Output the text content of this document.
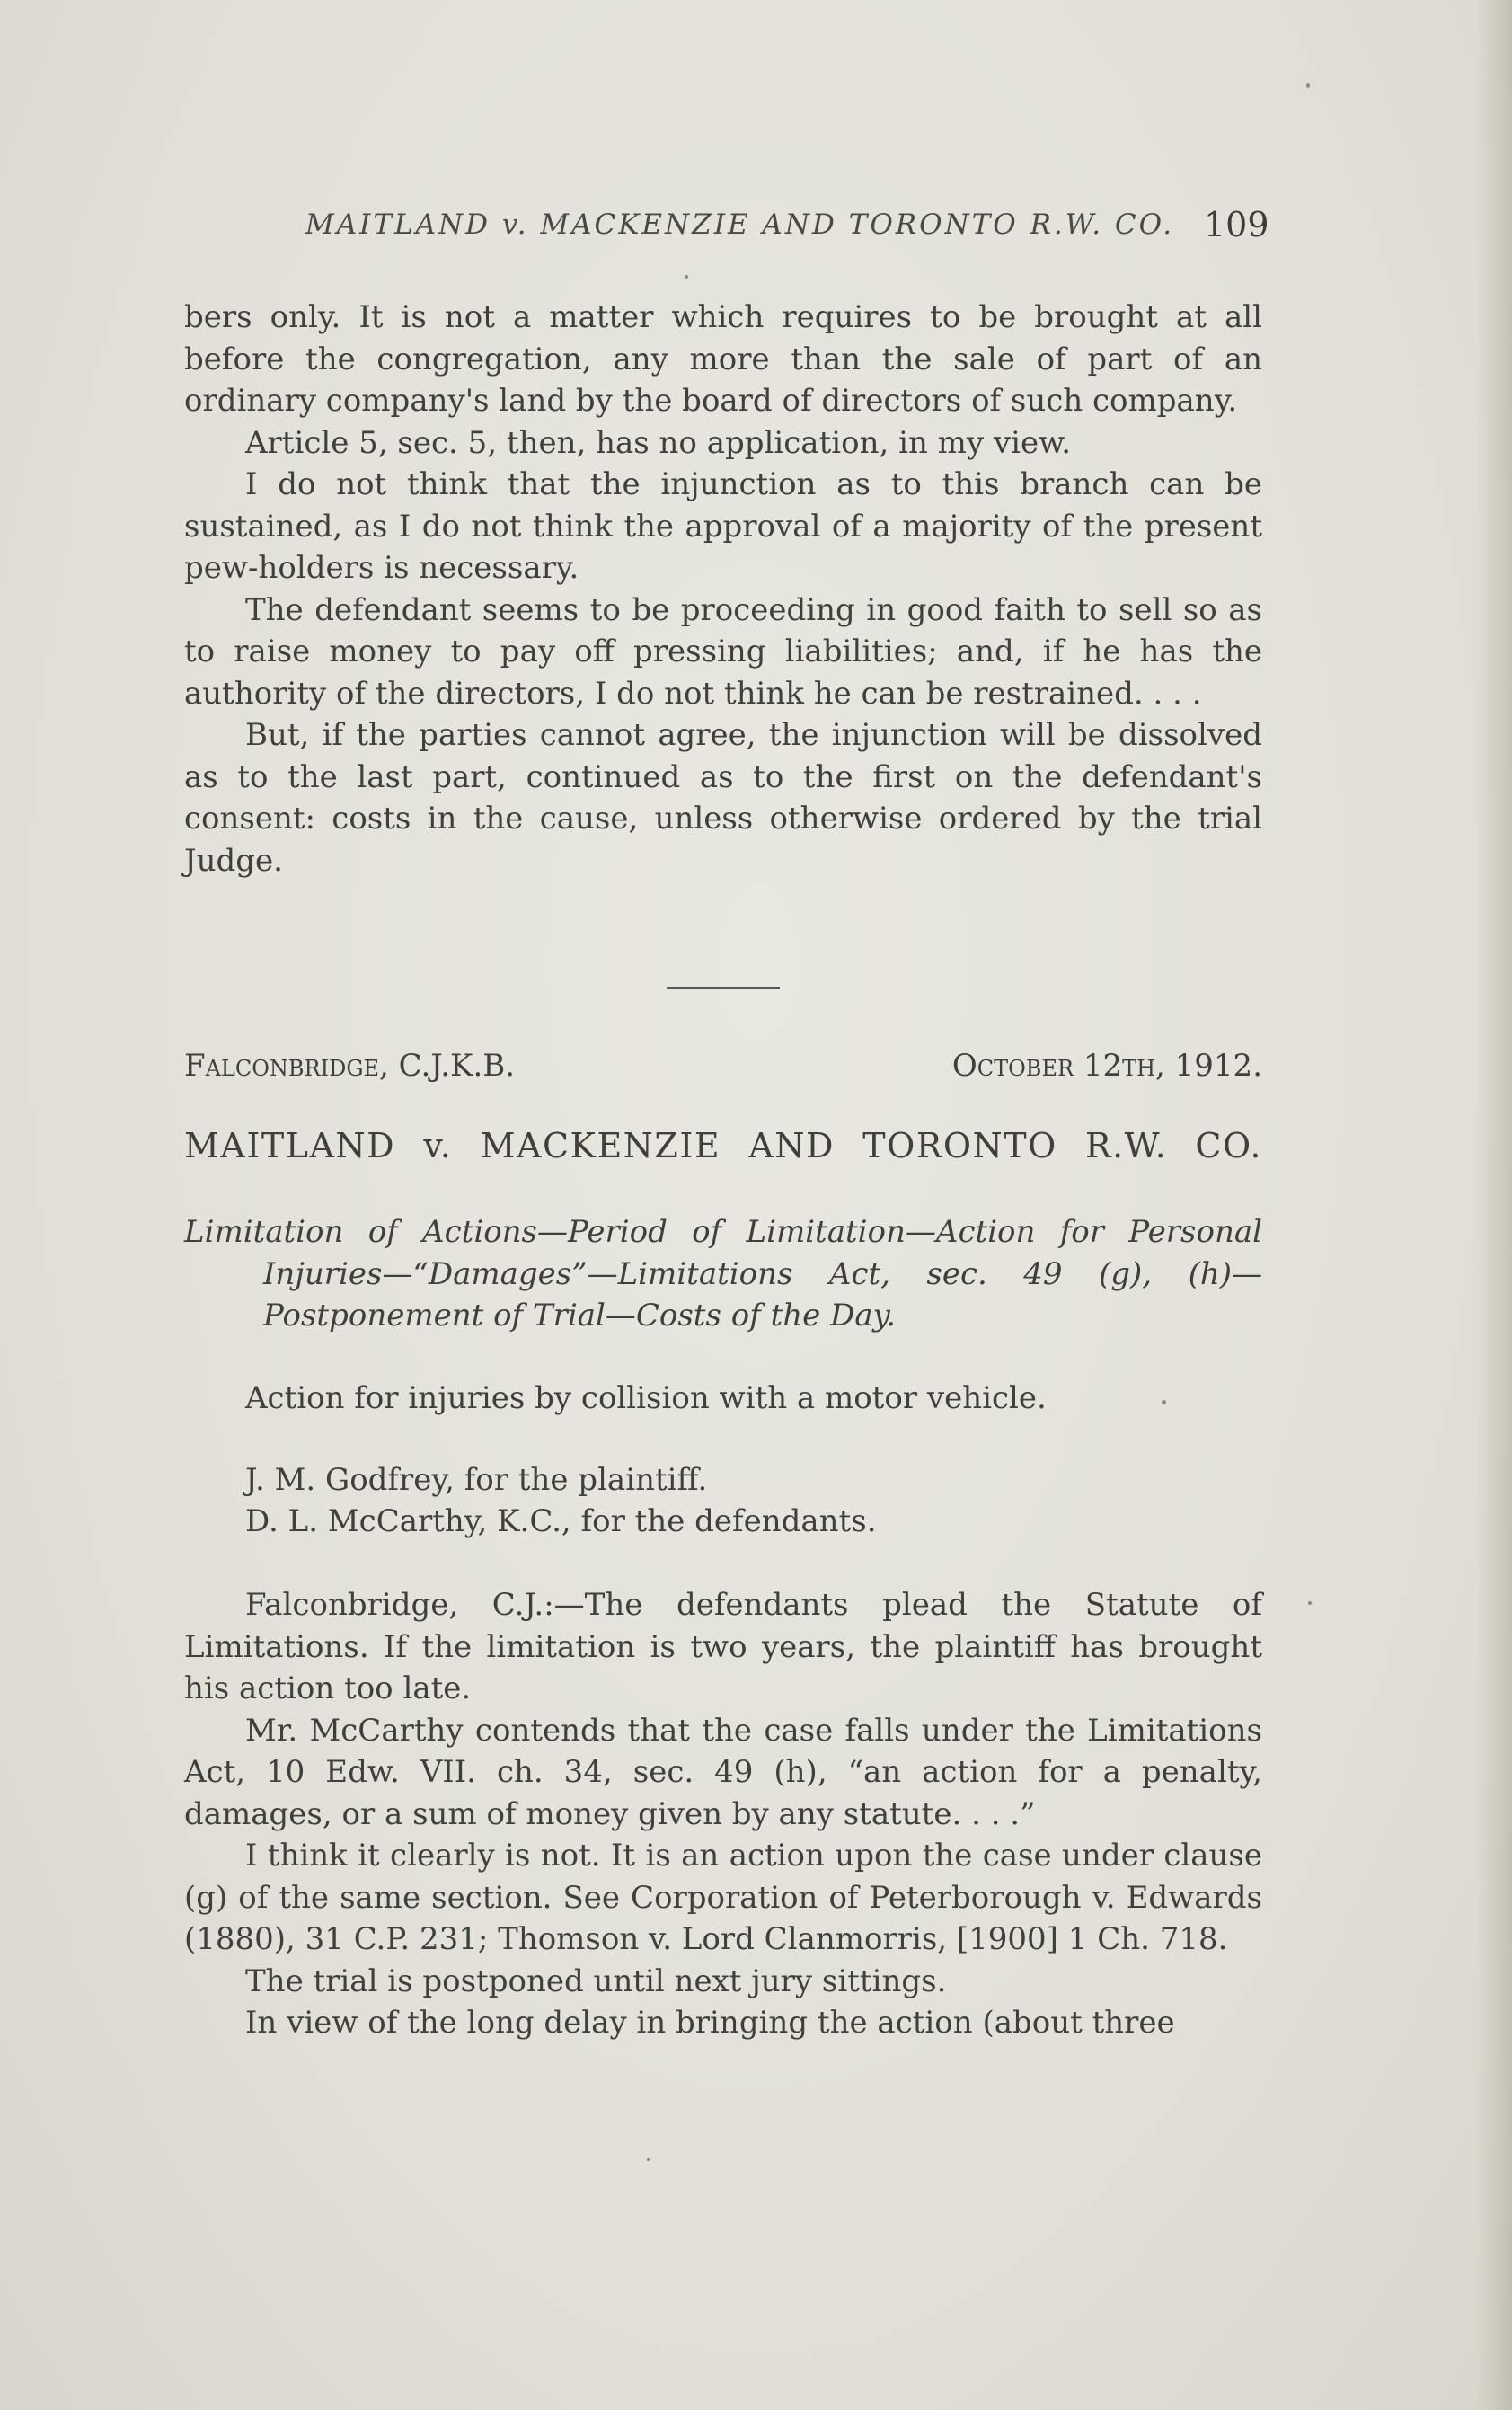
MAITLAND v. MACKENZIE AND TORONTO R.W. CO. 109

bers only. It is not a matter which requires to be brought at all before the congregation, any more than the sale of part of an ordinary company's land by the board of directors of such company.

Article 5, sec. 5, then, has no application, in my view.

I do not think that the injunction as to this branch can be sustained, as I do not think the approval of a majority of the present pew-holders is necessary.

The defendant seems to be proceeding in good faith to sell so as to raise money to pay off pressing liabilities; and, if he has the authority of the directors, I do not think he can be restrained. . . .

But, if the parties cannot agree, the injunction will be dissolved as to the last part, continued as to the first on the defendant's consent: costs in the cause, unless otherwise ordered by the trial Judge.

Falconbridge, C.J.K.B.	October 12th, 1912.
MAITLAND v. MACKENZIE AND TORONTO R.W. CO.
Limitation of Actions—Period of Limitation—Action for Personal Injuries—“Damages”—Limitations Act, sec. 49 (g), (h)—Postponement of Trial—Costs of the Day.
Action for injuries by collision with a motor vehicle.
J. M. Godfrey, for the plaintiff.
D. L. McCarthy, K.C., for the defendants.

Falconbridge, C.J.:—The defendants plead the Statute of Limitations. If the limitation is two years, the plaintiff has brought his action too late.

Mr. McCarthy contends that the case falls under the Limitations Act, 10 Edw. VII. ch. 34, sec. 49 (h), “an action for a penalty, damages, or a sum of money given by any statute. . . .”

I think it clearly is not. It is an action upon the case under clause (g) of the same section. See Corporation of Peterborough v. Edwards (1880), 31 C.P. 231; Thomson v. Lord Clanmorris, [1900] 1 Ch. 718.

The trial is postponed until next jury sittings.

In view of the long delay in bringing the action (about three
